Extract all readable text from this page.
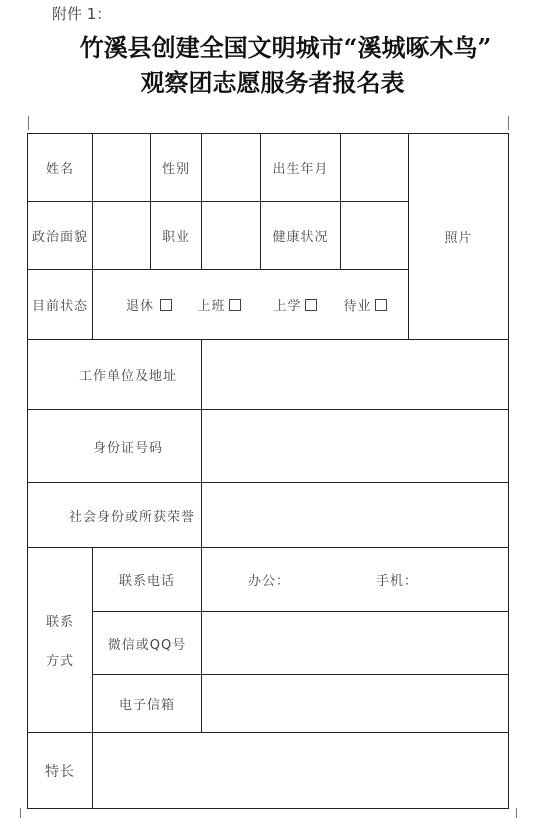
附件 1：
竹溪县创建全国文明城市“溪城啄木鸟”
观察团志愿服务者报名表
姓名	性别	出生年月
照片
政治面貌	职业	健康状况
目前状态	退休	上班	上学	待业
工作单位及地址
身份证号码
社会身份或所获荣誉
联系
方式
联系电话	办公：	手机：
微信或QQ号
电子信箱
特长
